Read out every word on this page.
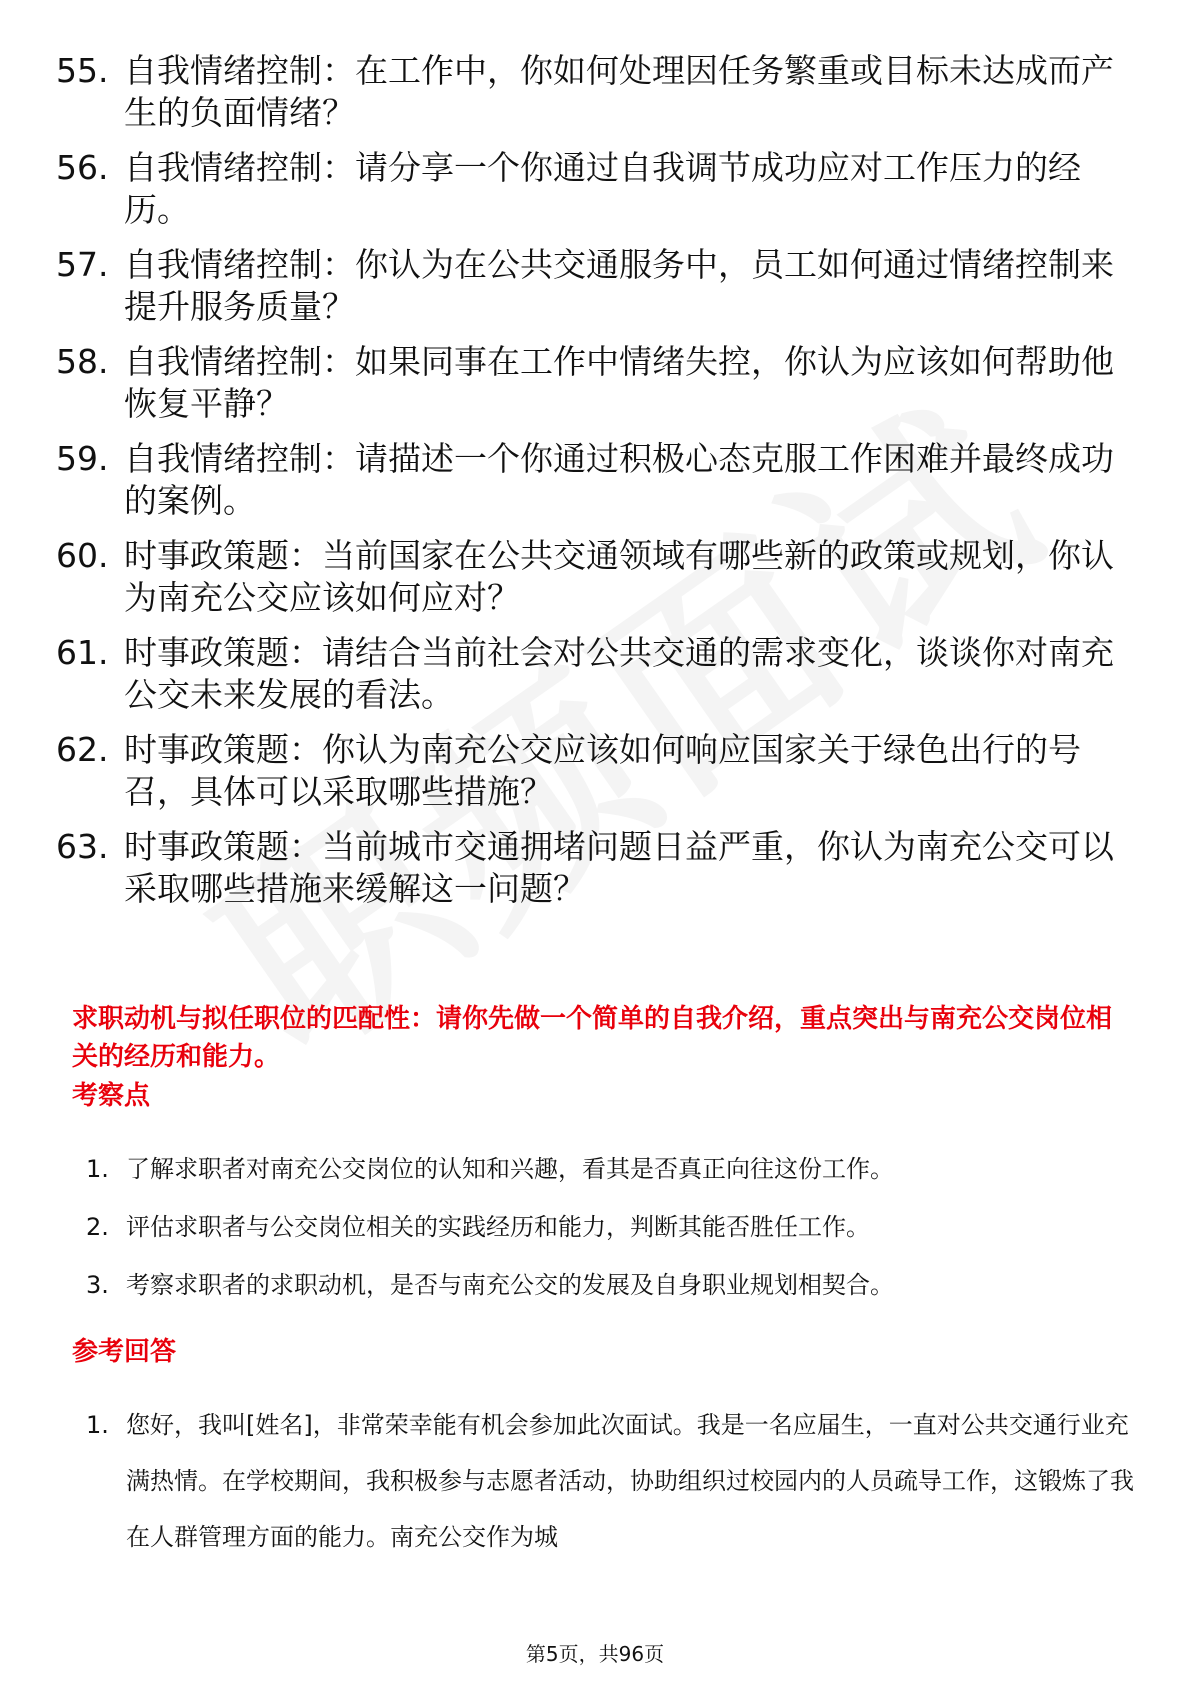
55. 自我情绪控制：在工作中，你如何处理因任务繁重或目标未达成而产生的负面情绪？
56. 自我情绪控制：请分享一个你通过自我调节成功应对工作压力的经历。
57. 自我情绪控制：你认为在公共交通服务中，员工如何通过情绪控制来提升服务质量？
58. 自我情绪控制：如果同事在工作中情绪失控，你认为应该如何帮助他恢复平静？
59. 自我情绪控制：请描述一个你通过积极心态克服工作困难并最终成功的案例。
60. 时事政策题：当前国家在公共交通领域有哪些新的政策或规划，你认为南充公交应该如何应对？
61. 时事政策题：请结合当前社会对公共交通的需求变化，谈谈你对南充公交未来发展的看法。
62. 时事政策题：你认为南充公交应该如何响应国家关于绿色出行的号召，具体可以采取哪些措施？
63. 时事政策题：当前城市交通拥堵问题日益严重，你认为南充公交可以采取哪些措施来缓解这一问题？
求职动机与拟任职位的匹配性：请你先做一个简单的自我介绍，重点突出与南充公交岗位相关的经历和能力。
考察点
1. 了解求职者对南充公交岗位的认知和兴趣，看其是否真正向往这份工作。
2. 评估求职者与公交岗位相关的实践经历和能力，判断其能否胜任工作。
3. 考察求职者的求职动机，是否与南充公交的发展及自身职业规划相契合。
参考回答
1. 您好，我叫[姓名]，非常荣幸能有机会参加此次面试。我是一名应届生，一直对公共交通行业充满热情。在学校期间，我积极参与志愿者活动，协助组织过校园内的人员疏导工作，这锻炼了我在人群管理方面的能力。南充公交作为城
第5页，共96页
